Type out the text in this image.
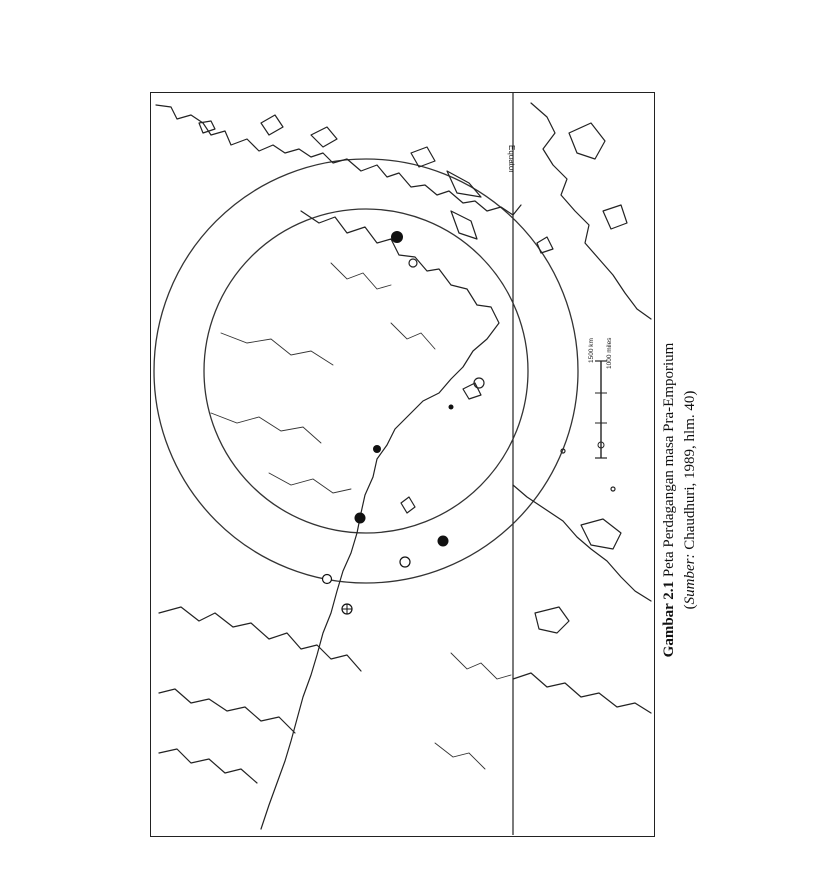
Equator
1500 km 1000 miles
Gambar 2.1 Peta Perdagangan masa Pra-Emporium
(Sumber: Chaudhuri, 1989, hlm. 40)
